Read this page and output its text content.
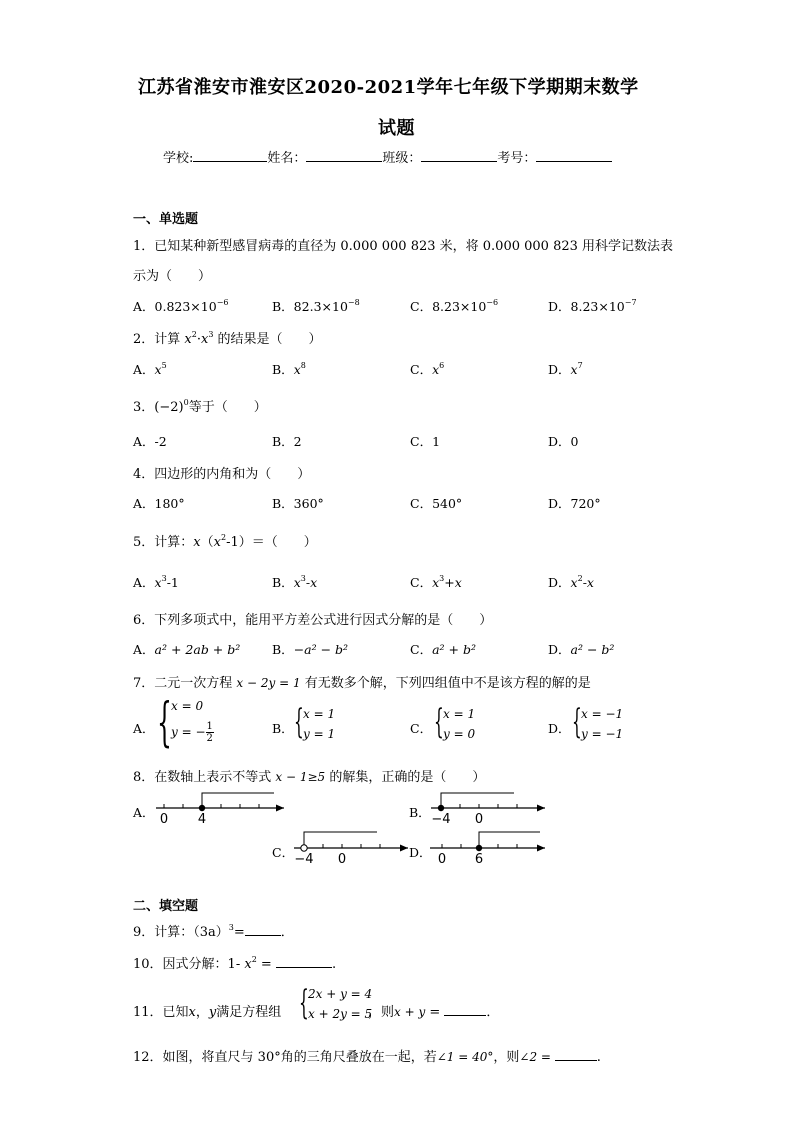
江苏省淮安市淮安区2020-2021学年七年级下学期期末数学
试题
学校:	姓名：	班级：	考号：
一、单选题
1．已知某种新型感冒病毒的直径为 0.000 000 823 米，将 0.000 000 823 用科学记数法表
示为（　　）
A．$0.823\times 10^{-6}$	B．$82.3\times 10^{-8}$	C．$8.23\times 10^{-6}$	D．$8.23\times 10^{-7}$
2．计算 $x^2\cdot x^3$ 的结果是（　　）
A．$x^5$	B．$x^8$	C．$x^6$	D．$x^7$
3．$(-2)^0$等于（　　）
A．-2	B．2	C．1	D．0
4．四边形的内角和为（　　）
A．180°	B．360°	C．540°	D．720°
5．计算：$x(x^2-1)=$（　　）
A．$x^3-1$	B．$x^3-x$	C．$x^3+x$	D．$x^2-x$
6．下列多项式中，能用平方差公式进行因式分解的是（　　）
A．a² + 2ab + b²	B．−a² − b²	C．a² + b²	D．a² − b²
7．二元一次方程 x − 2y = 1 有无数多个解，下列四组值中不是该方程的解的是
A． { x = 0
y = − $\frac{1}{2}$	B． { x = 1
y = 1	C． { x = 1
y = 0	D． { x = −1
y = −1
8．在数轴上表示不等式 x − 1≥5 的解集，正确的是（　　）
A． 0 4	B． −4 0
C． −4 0	D． 0 6
二、填空题
9．计算：$(3a)^3=$	．
10．因式分解：1- $x^2$ =	.
11．已知x，y满足方程组 { 2x + y = 4
x + 2y = 5
，则x + y =	．
12．如图，将直尺与 30°角的三角尺叠放在一起，若∠1 = 40°，则∠2 =	.
